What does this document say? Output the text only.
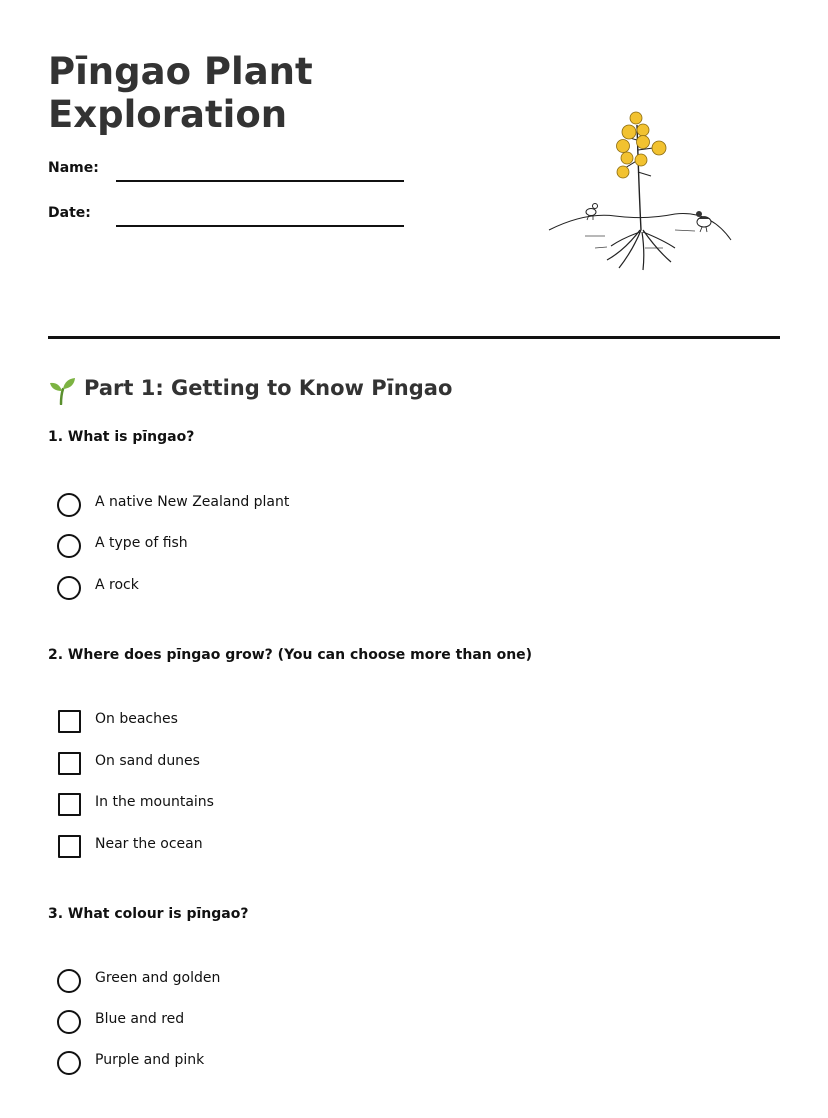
Pīngao Plant
Exploration
Name:
Date:
Part 1: Getting to Know Pīngao
1. What is pīngao?
A native New Zealand plant
A type of fish
A rock
2. Where does pīngao grow? (You can choose more than one)
On beaches
On sand dunes
In the mountains
Near the ocean
3. What colour is pīngao?
Green and golden
Blue and red
Purple and pink
